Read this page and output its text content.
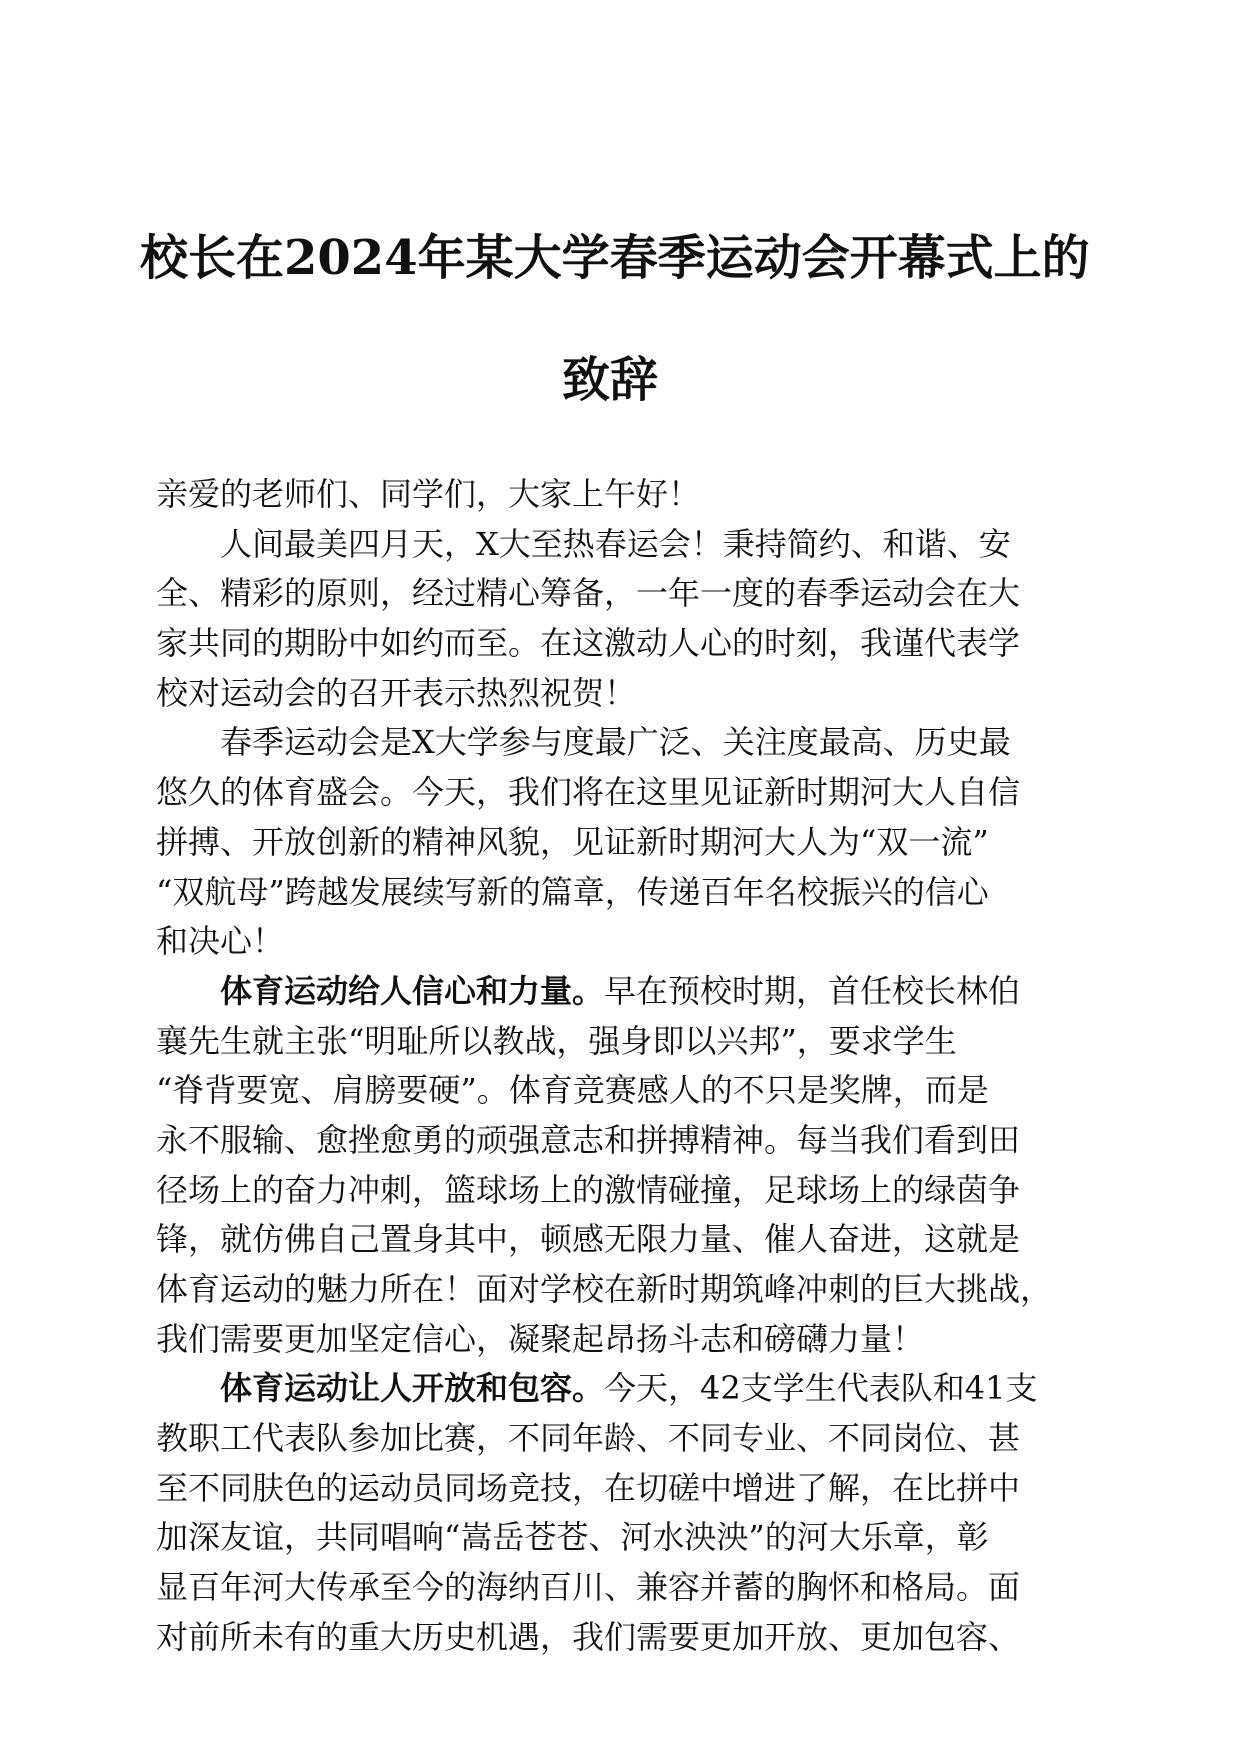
校长在2024年某大学春季运动会开幕式上的
致辞
亲爱的老师们、同学们，大家上午好！
人间最美四月天，X大至热春运会！秉持简约、和谐、安
全、精彩的原则，经过精心筹备，一年一度的春季运动会在大
家共同的期盼中如约而至。在这激动人心的时刻，我谨代表学
校对运动会的召开表示热烈祝贺！
春季运动会是X大学参与度最广泛、关注度最高、历史最
悠久的体育盛会。今天，我们将在这里见证新时期河大人自信
拼搏、开放创新的精神风貌，见证新时期河大人为“双一流”
“双航母”跨越发展续写新的篇章，传递百年名校振兴的信心
和决心！
体育运动给人信心和力量。早在预校时期，首任校长林伯
襄先生就主张“明耻所以教战，强身即以兴邦”，要求学生
“脊背要宽、肩膀要硬”。体育竞赛感人的不只是奖牌，而是
永不服输、愈挫愈勇的顽强意志和拼搏精神。每当我们看到田
径场上的奋力冲刺，篮球场上的激情碰撞，足球场上的绿茵争
锋，就仿佛自己置身其中，顿感无限力量、催人奋进，这就是
体育运动的魅力所在！面对学校在新时期筑峰冲刺的巨大挑战，
我们需要更加坚定信心，凝聚起昂扬斗志和磅礴力量！
体育运动让人开放和包容。今天，42支学生代表队和41支
教职工代表队参加比赛，不同年龄、不同专业、不同岗位、甚
至不同肤色的运动员同场竞技，在切磋中增进了解，在比拼中
加深友谊，共同唱响“嵩岳苍苍、河水泱泱”的河大乐章，彰
显百年河大传承至今的海纳百川、兼容并蓄的胸怀和格局。面
对前所未有的重大历史机遇，我们需要更加开放、更加包容、
